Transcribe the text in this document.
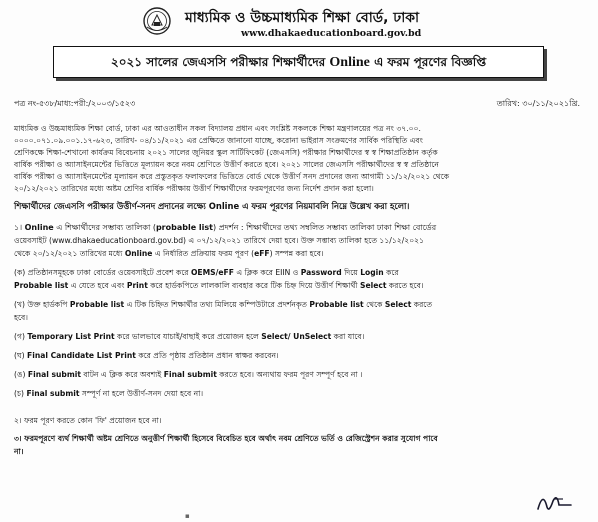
মাধ্যমিক ও উচ্চমাধ্যমিক শিক্ষা বোর্ড, ঢাকা
www.dhakaeducationboard.gov.bd
২০২১ সালের জেএসসি পরীক্ষার শিক্ষার্থীদের Online এ ফরম পূরণের বিজ্ঞপ্তি
পত্র নং-৫৩৮/মাধ্য:পরী:/২০০৩/১৫২৩	তারিখ: ৩০/১১/২০২১খ্রি.
মাধ্যমিক ও উচ্চমাধ্যমিক শিক্ষা বোর্ড, ঢাকা এর আওতাধীন সকল বিদ্যালয় প্রধান এবং সংশ্লিষ্ট সকলকে শিক্ষা মন্ত্রণালয়ের পত্র নং ৩৭.০০.
০০০০.০৭১.০৯.০০১.১৭-৬২৩, তারিখ- ০৪/১১/২০২১ এর প্রেক্ষিতে জানানো যাচ্ছে, করোনা ভাইরাস সংক্রমণের সার্বিক পরিস্থিতি এবং
শ্রেণিকক্ষে শিক্ষা-শেখানো কার্যক্রম বিবেচনায় ২০২১ সালের জুনিয়র স্কুল সার্টিফিকেট (জেএসসি) পরীক্ষার শিক্ষার্থীদের স্ব স্ব শিক্ষাপ্রতিষ্ঠান কর্তৃক
বার্ষিক পরীক্ষা ও অ্যাসাইনমেন্টের ভিত্তিতে মূল্যায়ন করে নবম শ্রেণিতে উত্তীর্ণ করতে হবে। ২০২১ সালের জেএসসি পরীক্ষার্থীদের স্ব স্ব প্রতিষ্ঠানে
বার্ষিক পরীক্ষা ও অ্যাসাইনমেন্টের মূল্যায়ন করে প্রস্তুতকৃত ফলাফলের ভিত্তিতে বোর্ড থেকে উত্তীর্ণ সনদ প্রদানের জন্য আগামী ১১/১২/২০২১ থেকে
২০/১২/২০২১ তারিখের মধ্যে অষ্টম শ্রেণির বার্ষিক পরীক্ষায় উত্তীর্ণ শিক্ষার্থীদের ফরমপূরণের জন্য নির্দেশ প্রদান করা হলো।
শিক্ষার্থীদের জেএসসি পরীক্ষার উত্তীর্ণ-সনদ প্রদানের লক্ষ্যে Online এ ফরম পূরণের নিয়মাবলি নিম্নে উল্লেখ করা হলো।
১। Online এ শিক্ষার্থীদের সম্ভাব্য তালিকা (probable list) প্রদর্শন : শিক্ষার্থীদের তথ্য সম্বলিত সম্ভাব্য তালিকা ঢাকা শিক্ষা বোর্ডের
ওয়েবসাইট (www.dhakaeducationboard.gov.bd) এ ০৭/১২/২০২১ তারিখে দেয়া হবে। উক্ত সম্ভাব্য তালিকা হতে ১১/১২/২০২১
থেকে ২০/১২/২০২১ তারিখের মধ্যে Online এ নির্ধারিত প্রক্রিয়ায় ফরম পূরণ (eFF) সম্পন্ন করা হবে।
(ক) প্রতিষ্ঠানসমূহকে ঢাকা বোর্ডের ওয়েবসাইটে প্রবেশ করে OEMS/eFF এ ক্লিক করে EIIN ও Password দিয়ে Login করে
Probable list এ যেতে হবে এবং Print করে হার্ডকপিতে লালকালি ব্যবহার করে টিক চিহ্ন দিয়ে উত্তীর্ণ শিক্ষার্থী Select করতে হবে।
(খ) উক্ত হার্ডকপি Probable list এ টিক চিহ্নিত শিক্ষার্থীর তথ্য মিলিয়ে কম্পিউটারে প্রদর্শনকৃত Probable list থেকে Select করতে
হবে।
(গ) Temporary List Print করে ভালভাবে যাচাই/বাছাই করে প্রয়োজন হলে Select/ UnSelect করা যাবে।
(ঘ) Final Candidate List Print করে প্রতি পৃষ্ঠায় প্রতিষ্ঠান প্রধান স্বাক্ষর করবেন।
(ঙ) Final submit বাটন এ ক্লিক করে অবশ্যই Final submit করতে হবে। অন্যথায় ফরম পূরণ সম্পূর্ণ হবে না ।
(চ) Final submit সম্পূর্ণ না হলে উত্তীর্ণ-সনদ দেয়া হবে না।
২। ফরম পূরণ করতে কোন 'ফি' প্রয়োজন হবে না।
৩। ফরমপূরণে ব্যর্থ শিক্ষার্থী অষ্টম শ্রেণিতে অনুত্তীর্ণ শিক্ষার্থী হিসেবে বিবেচিত হবে অর্থাৎ নবম শ্রেণিতে ভর্তি ও রেজিস্ট্রেশন করার সুযোগ পাবে
না।
▪
